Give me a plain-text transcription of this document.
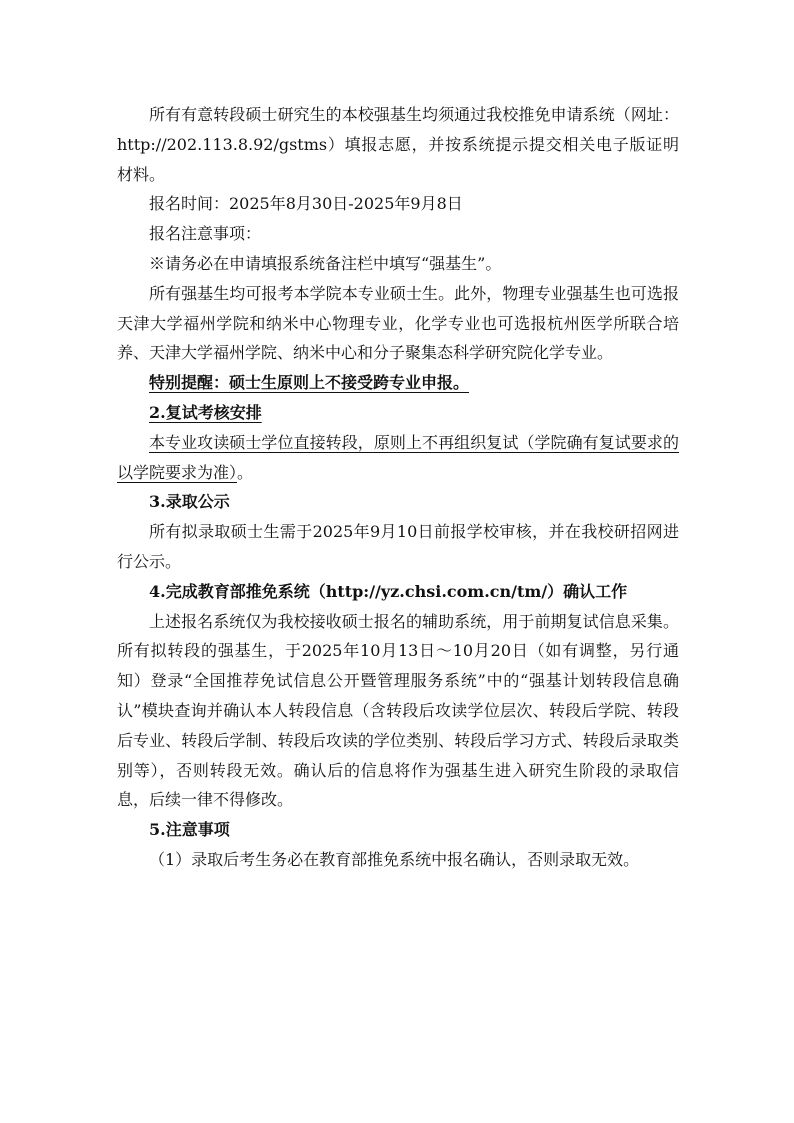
所有有意转段硕士研究生的本校强基生均须通过我校推免申请系统（网址：http://202.113.8.92/gstms）填报志愿，并按系统提示提交相关电子版证明材料。

报名时间：2025年8月30日-2025年9月8日

报名注意事项：

※请务必在申请填报系统备注栏中填写“强基生”。

所有强基生均可报考本学院本专业硕士生。此外，物理专业强基生也可选报天津大学福州学院和纳米中心物理专业，化学专业也可选报杭州医学所联合培养、天津大学福州学院、纳米中心和分子聚集态科学研究院化学专业。

特别提醒：硕士生原则上不接受跨专业申报。

2.复试考核安排

本专业攻读硕士学位直接转段，原则上不再组织复试（学院确有复试要求的以学院要求为准）。

3.录取公示

所有拟录取硕士生需于2025年9月10日前报学校审核，并在我校研招网进行公示。

4.完成教育部推免系统（http://yz.chsi.com.cn/tm/）确认工作

上述报名系统仅为我校接收硕士报名的辅助系统，用于前期复试信息采集。所有拟转段的强基生，于2025年10月13日～10月20日（如有调整，另行通知）登录“全国推荐免试信息公开暨管理服务系统”中的“强基计划转段信息确认”模块查询并确认本人转段信息（含转段后攻读学位层次、转段后学院、转段后专业、转段后学制、转段后攻读的学位类别、转段后学习方式、转段后录取类别等），否则转段无效。确认后的信息将作为强基生进入研究生阶段的录取信息，后续一律不得修改。

5.注意事项

（1）录取后考生务必在教育部推免系统中报名确认，否则录取无效。
